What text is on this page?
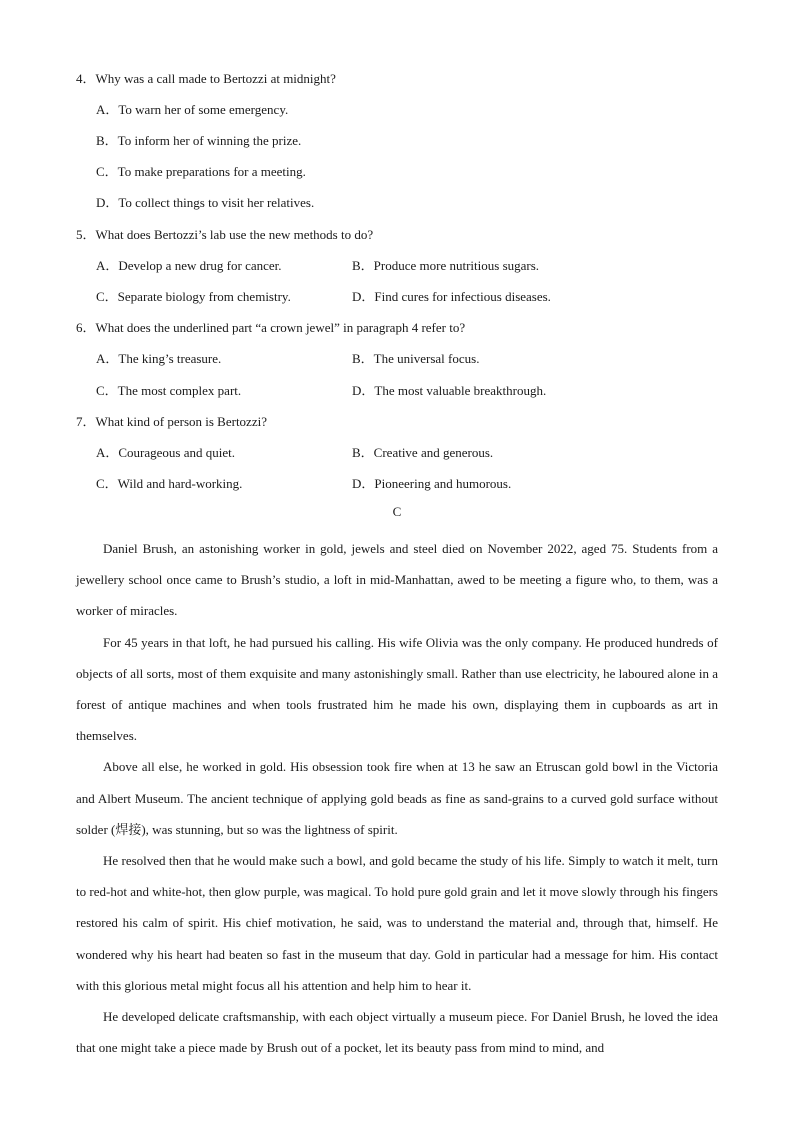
4．Why was a call made to Bertozzi at midnight?
A．To warn her of some emergency.
B．To inform her of winning the prize.
C．To make preparations for a meeting.
D．To collect things to visit her relatives.
5．What does Bertozzi’s lab use the new methods to do?
A．Develop a new drug for cancer.	B．Produce more nutritious sugars.
C．Separate biology from chemistry.	D．Find cures for infectious diseases.
6．What does the underlined part “a crown jewel” in paragraph 4 refer to?
A．The king’s treasure.	B．The universal focus.
C．The most complex part.	D．The most valuable breakthrough.
7．What kind of person is Bertozzi?
A．Courageous and quiet.	B．Creative and generous.
C．Wild and hard-working.	D．Pioneering and humorous.
C

Daniel Brush, an astonishing worker in gold, jewels and steel died on November 2022, aged 75. Students from a jewellery school once came to Brush’s studio, a loft in mid-Manhattan, awed to be meeting a figure who, to them, was a worker of miracles.

For 45 years in that loft, he had pursued his calling. His wife Olivia was the only company. He produced hundreds of objects of all sorts, most of them exquisite and many astonishingly small. Rather than use electricity, he laboured alone in a forest of antique machines and when tools frustrated him he made his own, displaying them in cupboards as art in themselves.

Above all else, he worked in gold. His obsession took fire when at 13 he saw an Etruscan gold bowl in the Victoria and Albert Museum. The ancient technique of applying gold beads as fine as sand-grains to a curved gold surface without solder (焊接), was stunning, but so was the lightness of spirit.

He resolved then that he would make such a bowl, and gold became the study of his life. Simply to watch it melt, turn to red-hot and white-hot, then glow purple, was magical. To hold pure gold grain and let it move slowly through his fingers restored his calm of spirit. His chief motivation, he said, was to understand the material and, through that, himself. He wondered why his heart had beaten so fast in the museum that day. Gold in particular had a message for him. His contact with this glorious metal might focus all his attention and help him to hear it.

He developed delicate craftsmanship, with each object virtually a museum piece. For Daniel Brush, he loved the idea that one might take a piece made by Brush out of a pocket, let its beauty pass from mind to mind, and
